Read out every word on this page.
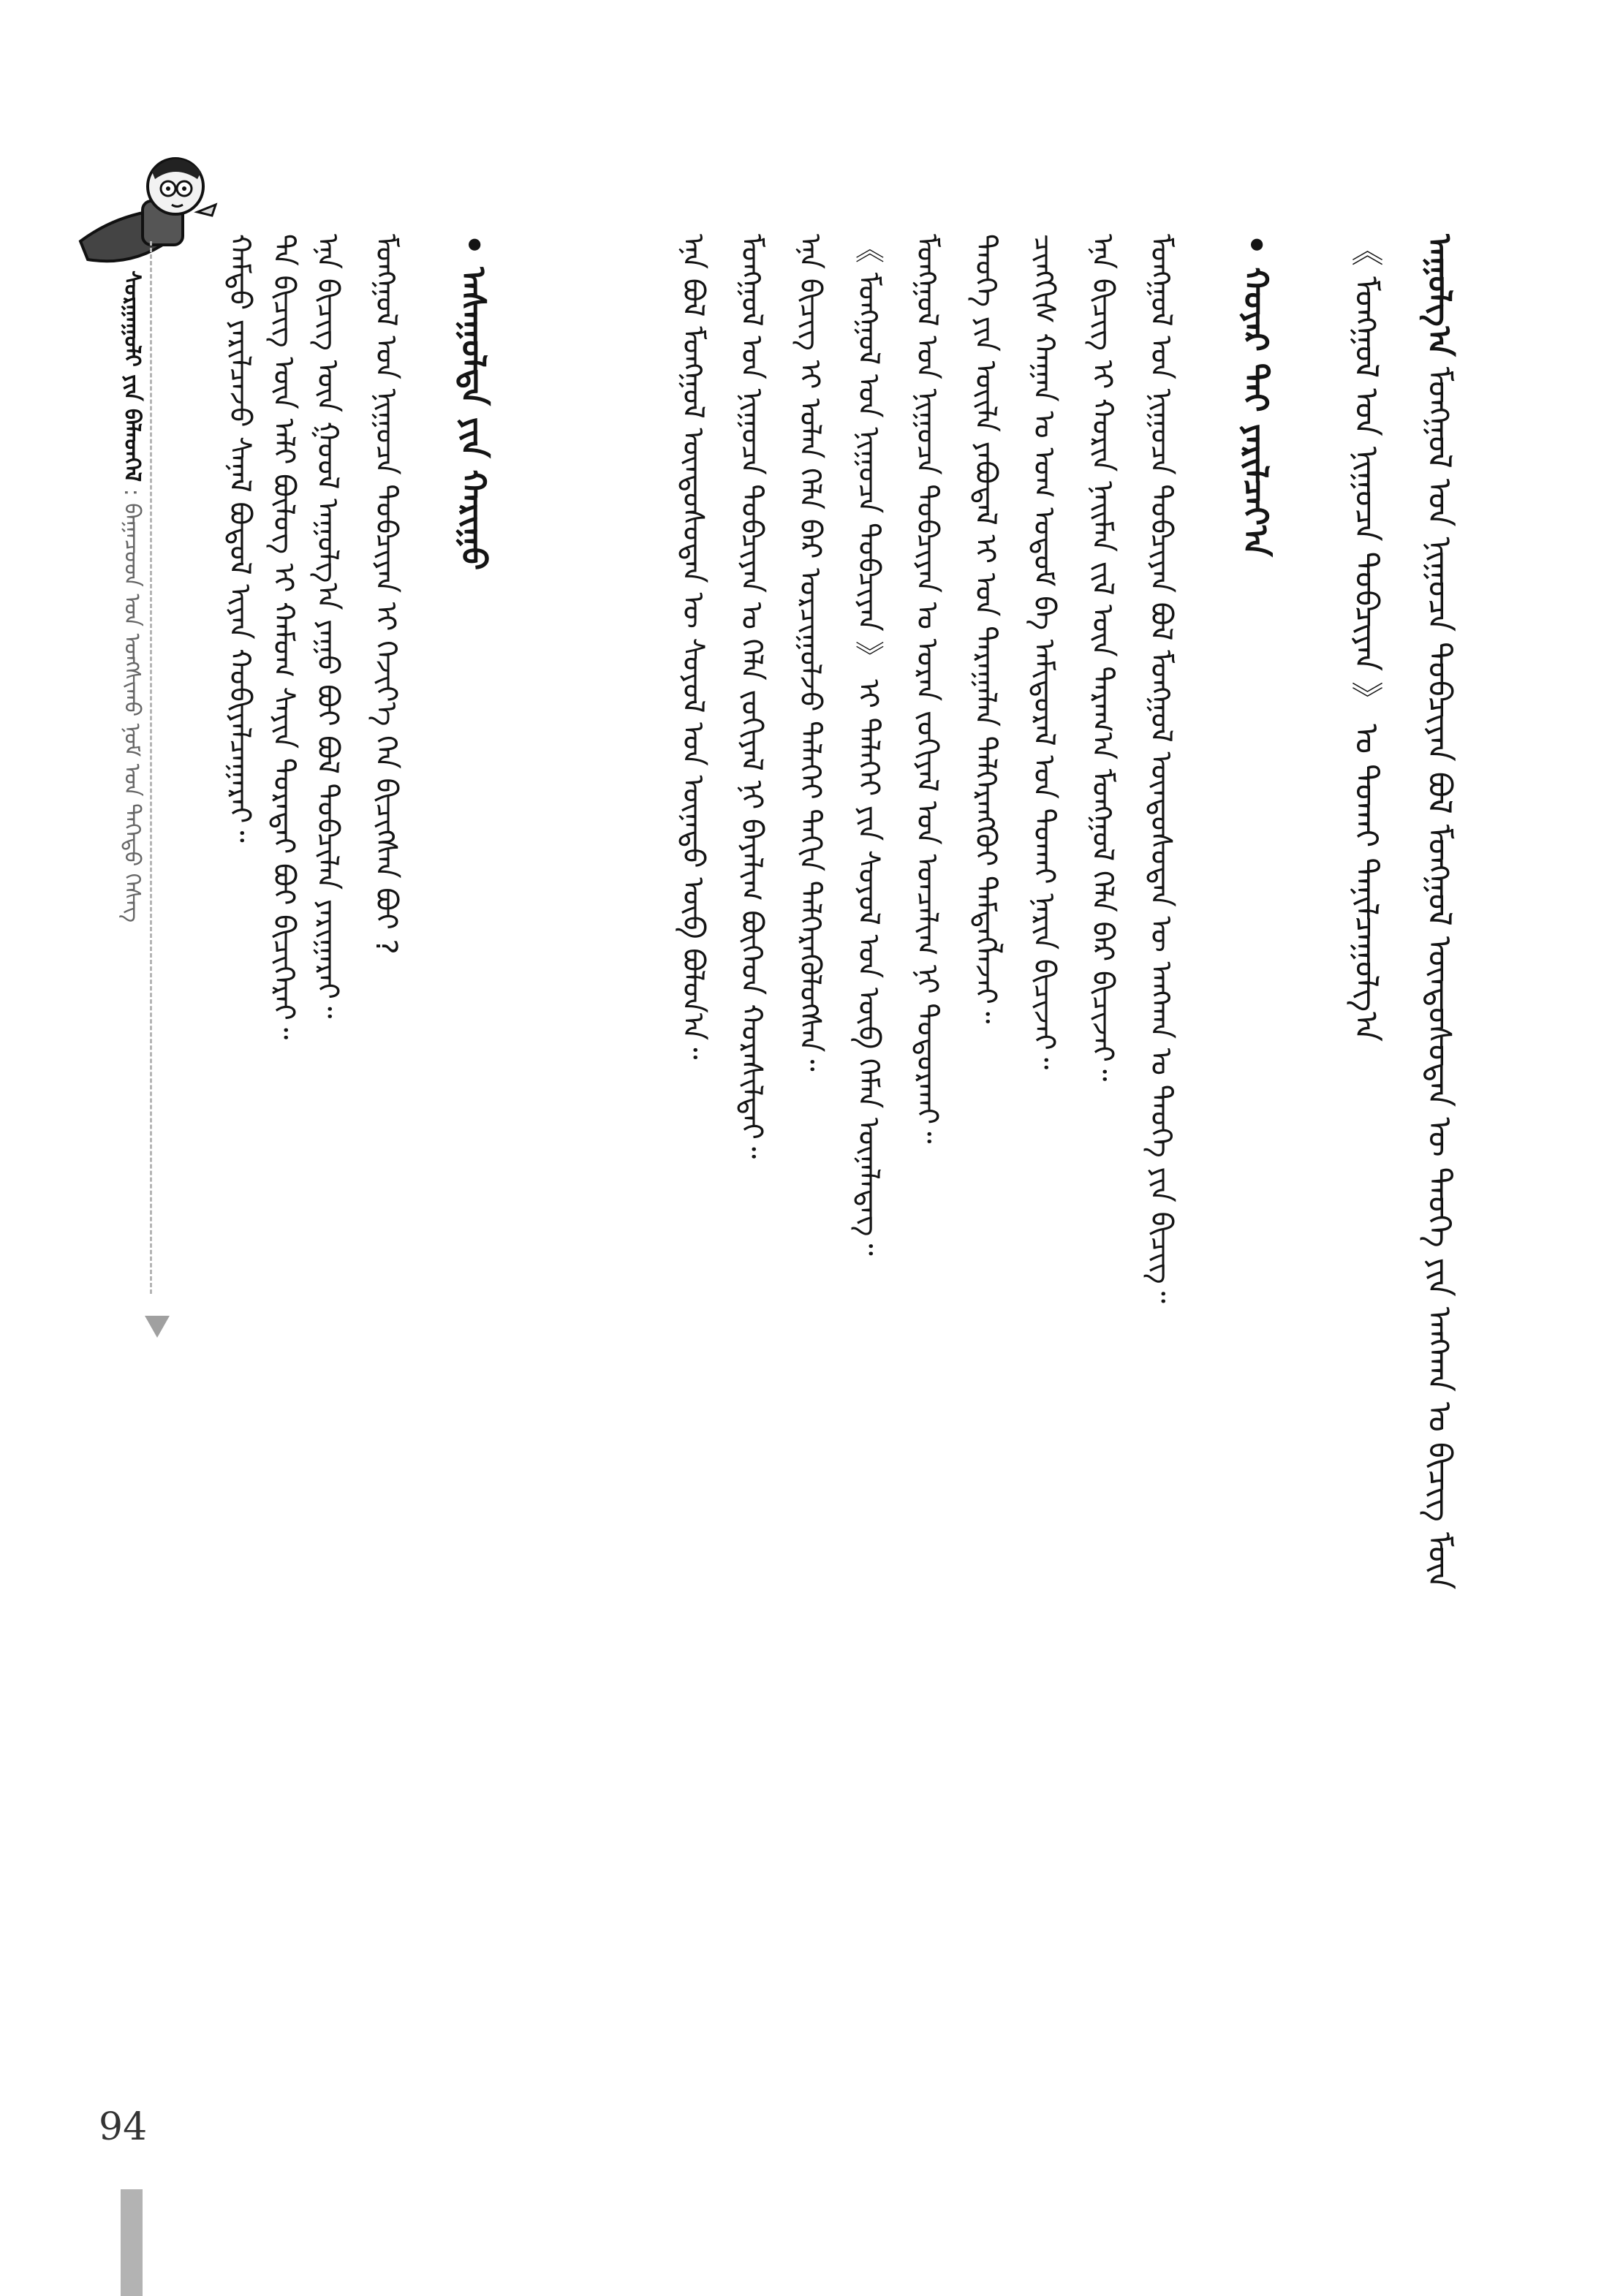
ᠰᠤᠷᠭᠠᠭᠤᠯᠢ ᠶᠢᠨ ᠪᠡᠯᠡᠳᠬᠡᠯ : ᠪᠠᠭᠠᠴᠤᠳ ᠤᠨ ᠤᠩᠰᠢᠬᠤ ᠨᠣᠮ ᠤᠨ ᠳᠡᠭᠡᠳᠦ ᠬᠡᠰᠡᠭ	ᠮᠣᠩᠭᠣᠯ ᠤᠨ ᠨᠢᠭᠤᠴᠠ ᠲᠣᠪᠴᠢᠶᠠᠨ ᠢ ᠬᠡᠵᠢᠶ᠎ᠡ ᠬᠡᠨ ᠪᠢᠴᠢᠭᠰᠡᠨ ᠪᠤᠢ ?
ᠡᠨᠡ ᠪᠢᠴᠢᠭ ᠦᠨ ᠭᠣᠣᠯ ᠠᠭᠤᠯᠭ᠎ᠠ ᠶᠠᠭᠤ ᠪᠤᠢ ᠪᠣᠯ ᠲᠣᠪᠴᠢᠯᠠᠨ ᠶᠠᠷᠢᠭᠠᠷᠠᠢ᠃
ᠲᠠ ᠪᠢᠴᠢᠭ ᠦᠨ ᠠᠯᠢ ᠪᠦᠯᠦᠭ ᠢ ᠬᠠᠮᠤᠭ ᠰᠠᠶᠢᠨ ᠳᠤᠷᠠᠲᠠᠢ ᠪᠤᠢ ᠪᠢᠴᠢᠭᠡᠷᠡᠢ᠃
ᠬᠠᠮᠲᠤ ᠶᠠᠷᠢᠯᠴᠠᠵᠤ ᠰᠠᠨᠠᠯ ᠪᠣᠳᠤᠯ ᠢᠶᠡᠨ ᠬᠤᠪᠢᠶᠠᠯᠴᠠᠭᠠᠷᠠᠢ᠃	• ᠠᠰᠠᠭᠤᠯᠲᠠ ᠶᠢᠨ ᠬᠠᠷᠢᠭᠤ	ᠮᠣᠩᠭᠣᠯ ᠤᠨ ᠨᠢᠭᠤᠴᠠ ᠲᠣᠪᠴᠢᠶᠠᠨ ᠪᠣᠯ ᠮᠣᠩᠭᠣᠯ ᠦᠨᠳᠦᠰᠦᠲᠡᠨ ᠦ ᠠᠩᠬᠠᠨ ᠤ ᠲᠡᠦᠬᠡ ᠶᠢᠨ ᠪᠢᠴᠢᠭ᠃
ᠡᠨᠡ ᠪᠢᠴᠢᠭ ᠢ ᠬᠣᠷᠢᠨ ᠨᠠᠢᠮᠠᠨ ᠵᠢᠯ ᠦᠨ ᠳᠠᠷᠠᠭ᠎ᠠ ᠮᠣᠩᠭᠣᠯ ᠬᠡᠯᠡ ᠪᠡᠷ ᠪᠢᠴᠢᠵᠡᠢ᠃
ᠴᠢᠩᠭᠢᠰ ᠬᠠᠭᠠᠨ ᠤ ᠤᠭ ᠤᠳᠤᠮ ᠪᠠ ᠠᠮᠢᠳᠤᠷᠠᠯ ᠤᠨ ᠲᠤᠬᠠᠢ ᠨᠠᠷᠢᠨ ᠪᠢᠴᠢᠵᠡᠢ᠃
ᠲᠡᠦᠬᠡ ᠶᠢᠨ ᠦᠢᠯᠡ ᠶᠠᠪᠤᠳᠠᠯ ᠢ ᠣᠨ ᠳᠠᠷᠠᠭᠠᠯᠠᠨ ᠳᠡᠯᠭᠡᠷᠡᠩᠭᠦᠢ ᠲᠡᠮᠳᠡᠭᠯᠡᠵᠡᠢ᠃
ᠮᠣᠩᠭᠣᠯ ᠤᠨ ᠨᠢᠭᠤᠴᠠ ᠲᠣᠪᠴᠢᠶᠠᠨ ᠤ ᠤᠷᠠᠨ ᠵᠣᠬᠢᠶᠠᠯ ᠤᠨ ᠣᠨᠴᠠᠯᠢᠭ ᠨᠢ ᠲᠣᠳᠣᠷᠬᠠᠢ᠃
《 ᠮᠣᠩᠭᠣᠯ ᠤᠨ ᠨᠢᠭᠤᠴᠠ ᠲᠣᠪᠴᠢᠶᠠᠨ 》 ᠢ ᠳᠡᠯᠡᠬᠡᠢ ᠶᠢᠨ ᠰᠣᠶᠣᠯ ᠤᠨ ᠥᠪ ᠬᠡᠮᠡᠨ ᠦᠨᠡᠯᠡᠳᠡᠭ᠃
ᠡᠨᠡ ᠪᠢᠴᠢᠭ ᠢ ᠣᠯᠠᠨ ᠬᠡᠯᠡ ᠪᠡᠷ ᠣᠷᠴᠢᠭᠤᠯᠵᠤ ᠳᠡᠯᠡᠬᠡᠢ ᠳᠠᠬᠢᠨ ᠳᠡᠯᠭᠡᠷᠡᠭᠦᠯᠦᠭᠰᠡᠨ᠃
ᠮᠣᠩᠭᠣᠯ ᠤᠨ ᠨᠢᠭᠤᠴᠠ ᠲᠣᠪᠴᠢᠶᠠᠨ ᠤ ᠬᠡᠯᠡ ᠵᠣᠬᠢᠶᠠᠯ ᠨᠢ ᠪᠠᠶᠠᠯᠢᠭ ᠪᠥᠭᠡᠳ ᠬᠣᠷᠠᠰᠢᠯᠲᠠᠢ᠃
ᠡᠨᠡ ᠪᠣᠯ ᠮᠣᠩᠭᠣᠯ ᠦᠨᠳᠦᠰᠦᠲᠡᠨ ᠦ ᠰᠣᠶᠣᠯ ᠤᠨ ᠦᠨᠡᠲᠦ ᠥᠪ ᠪᠣᠯᠤᠨ᠎ᠠ᠃	• ᠬᠣᠶᠠᠷ ᠲᠠᠢ ᠶᠠᠷᠢᠯᠴᠠᠶ᠎ᠠ	ᠠᠭᠤᠯᠭ᠎ᠠ ᠮᠣᠩᠭᠣᠯ ᠤᠨ ᠨᠢᠭᠤᠴᠠ ᠲᠣᠪᠴᠢᠶᠠᠨ ᠪᠣᠯ ᠮᠣᠩᠭᠣᠯ ᠦᠨᠳᠦᠰᠦᠲᠡᠨ ᠦ ᠲᠡᠦᠬᠡ ᠶᠢᠨ ᠠᠩᠬᠠᠨ ᠤ ᠪᠢᠴᠢᠭ ᠮᠥᠨ
《 ᠮᠣᠩᠭᠣᠯ ᠤᠨ ᠨᠢᠭᠤᠴᠠ ᠲᠣᠪᠴᠢᠶᠠᠨ 》 ᠤ ᠲᠤᠬᠠᠢ ᠲᠠᠨᠢᠯᠴᠠᠭᠤᠯᠭ᠎ᠠ
94
